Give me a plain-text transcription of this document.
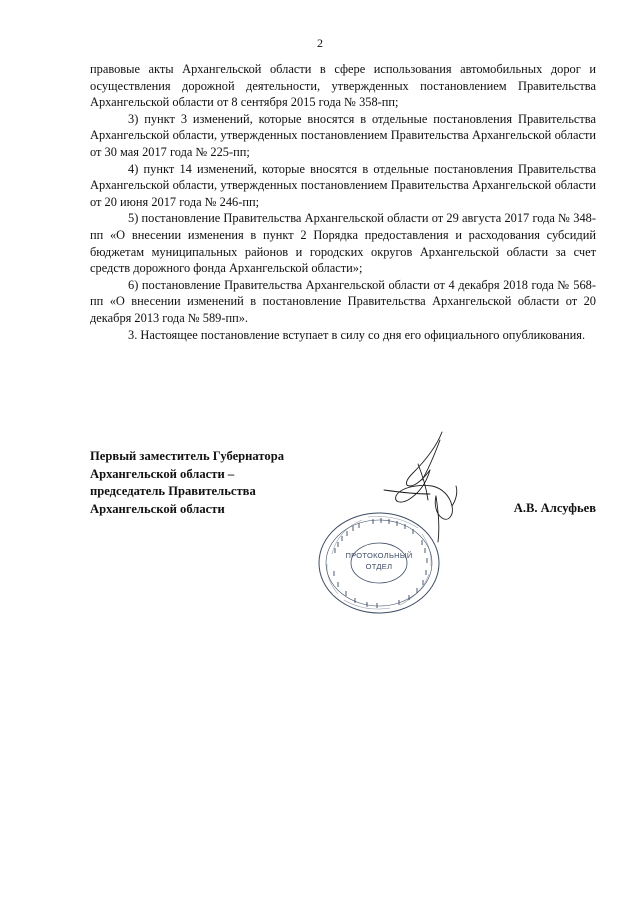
2

правовые акты Архангельской области в сфере использования автомобильных дорог и осуществления дорожной деятельности, утвержденных постановлением Правительства Архангельской области от 8 сентября 2015 года № 358-пп;

3) пункт 3 изменений, которые вносятся в отдельные постановления Правительства Архангельской области, утвержденных постановлением Правительства Архангельской области от 30 мая 2017 года № 225-пп;

4) пункт 14 изменений, которые вносятся в отдельные постановления Правительства Архангельской области, утвержденных постановлением Правительства Архангельской области от 20 июня 2017 года № 246-пп;

5) постановление Правительства Архангельской области от 29 августа 2017 года № 348-пп «О внесении изменения в пункт 2 Порядка предоставления и расходования субсидий бюджетам муниципальных районов и городских округов Архангельской области за счет средств дорожного фонда Архангельской области»;

6) постановление Правительства Архангельской области от 4 декабря 2018 года № 568-пп «О внесении изменений в постановление Правительства Архангельской области от 20 декабря 2013 года № 589-пп».

3. Настоящее постановление вступает в силу со дня его официального опубликования.

Первый заместитель Губернатора
Архангельской области –
председатель Правительства
Архангельской области	А.В. Алсуфьев
ПРОТОКОЛЬНЫЙ
ОТДЕЛ
